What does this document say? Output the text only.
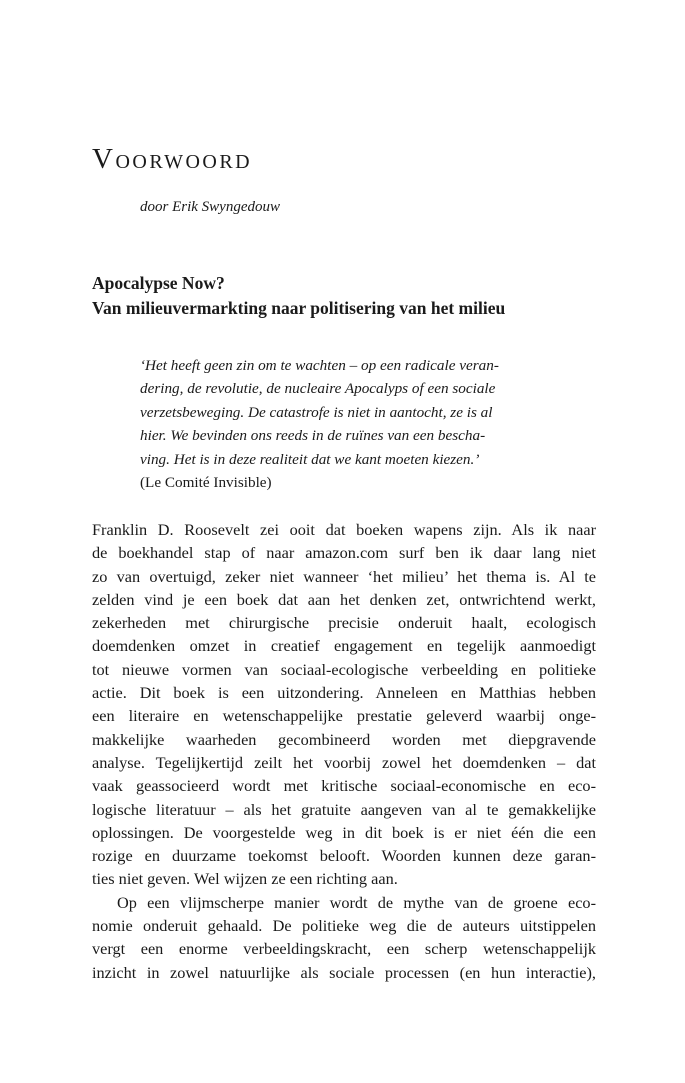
Voorwoord

door Erik Swyngedouw

Apocalypse Now?
Van milieuvermarkting naar politisering van het milieu
‘Het heeft geen zin om te wachten – op een radicale veran-
dering, de revolutie, de nucleaire Apocalyps of een sociale
verzetsbeweging. De catastrofe is niet in aantocht, ze is al
hier. We bevinden ons reeds in de ruïnes van een bescha-
ving. Het is in deze realiteit dat we kant moeten kiezen.’
(Le Comité Invisible)
Franklin D. Roosevelt zei ooit dat boeken wapens zijn. Als ik naar
de boekhandel stap of naar amazon.com surf ben ik daar lang niet
zo van overtuigd, zeker niet wanneer ‘het milieu’ het thema is. Al te
zelden vind je een boek dat aan het denken zet, ontwrichtend werkt,
zekerheden met chirurgische precisie onderuit haalt, ecologisch
doemdenken omzet in creatief engagement en tegelijk aanmoedigt
tot nieuwe vormen van sociaal-ecologische verbeelding en politieke
actie. Dit boek is een uitzondering. Anneleen en Matthias hebben
een literaire en wetenschappelijke prestatie geleverd waarbij onge-
makkelijke waarheden gecombineerd worden met diepgravende
analyse. Tegelijkertijd zeilt het voorbij zowel het doemdenken – dat
vaak geassocieerd wordt met kritische sociaal-economische en eco-
logische literatuur – als het gratuite aangeven van al te gemakkelijke
oplossingen. De voorgestelde weg in dit boek is er niet één die een
rozige en duurzame toekomst belooft. Woorden kunnen deze garan-
ties niet geven. Wel wijzen ze een richting aan.
Op een vlijmscherpe manier wordt de mythe van de groene eco-
nomie onderuit gehaald. De politieke weg die de auteurs uitstippelen
vergt een enorme verbeeldingskracht, een scherp wetenschappelijk
inzicht in zowel natuurlijke als sociale processen (en hun interactie),
